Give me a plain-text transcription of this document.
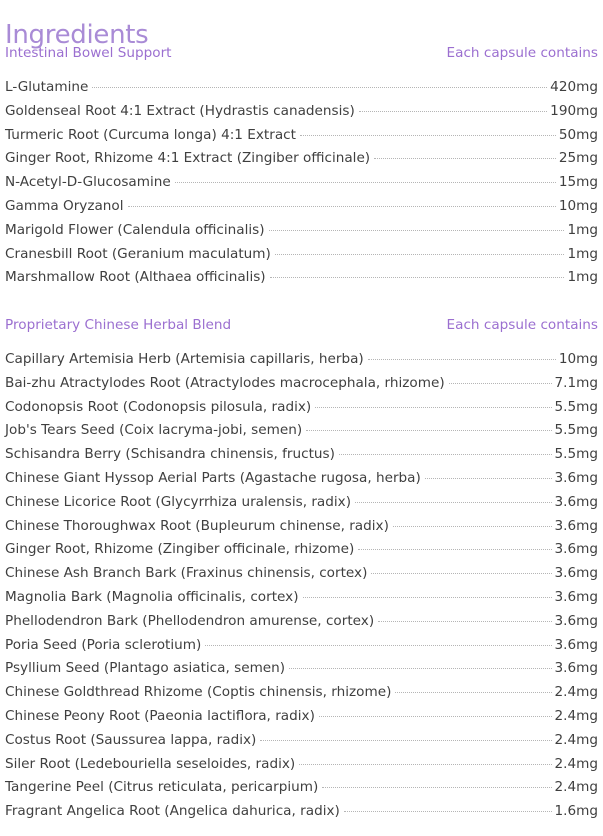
Ingredients
Intestinal Bowel Support	Each capsule contains
L-Glutamine	420mg
Goldenseal Root 4:1 Extract (Hydrastis canadensis)	190mg
Turmeric Root (Curcuma longa) 4:1 Extract	50mg
Ginger Root, Rhizome 4:1 Extract (Zingiber officinale)	25mg
N-Acetyl-D-Glucosamine	15mg
Gamma Oryzanol	10mg
Marigold Flower (Calendula officinalis)	1mg
Cranesbill Root (Geranium maculatum)	1mg
Marshmallow Root (Althaea officinalis)	1mg
Proprietary Chinese Herbal Blend	Each capsule contains
Capillary Artemisia Herb (Artemisia capillaris, herba)	10mg
Bai-zhu Atractylodes Root (Atractylodes macrocephala, rhizome)	7.1mg
Codonopsis Root (Codonopsis pilosula, radix)	5.5mg
Job's Tears Seed (Coix lacryma-jobi, semen)	5.5mg
Schisandra Berry (Schisandra chinensis, fructus)	5.5mg
Chinese Giant Hyssop Aerial Parts (Agastache rugosa, herba)	3.6mg
Chinese Licorice Root (Glycyrrhiza uralensis, radix)	3.6mg
Chinese Thoroughwax Root (Bupleurum chinense, radix)	3.6mg
Ginger Root, Rhizome (Zingiber officinale, rhizome)	3.6mg
Chinese Ash Branch Bark (Fraxinus chinensis, cortex)	3.6mg
Magnolia Bark (Magnolia officinalis, cortex)	3.6mg
Phellodendron Bark (Phellodendron amurense, cortex)	3.6mg
Poria Seed (Poria sclerotium)	3.6mg
Psyllium Seed (Plantago asiatica, semen)	3.6mg
Chinese Goldthread Rhizome (Coptis chinensis, rhizome)	2.4mg
Chinese Peony Root (Paeonia lactiflora, radix)	2.4mg
Costus Root (Saussurea lappa, radix)	2.4mg
Siler Root (Ledebouriella seseloides, radix)	2.4mg
Tangerine Peel (Citrus reticulata, pericarpium)	2.4mg
Fragrant Angelica Root (Angelica dahurica, radix)	1.6mg
